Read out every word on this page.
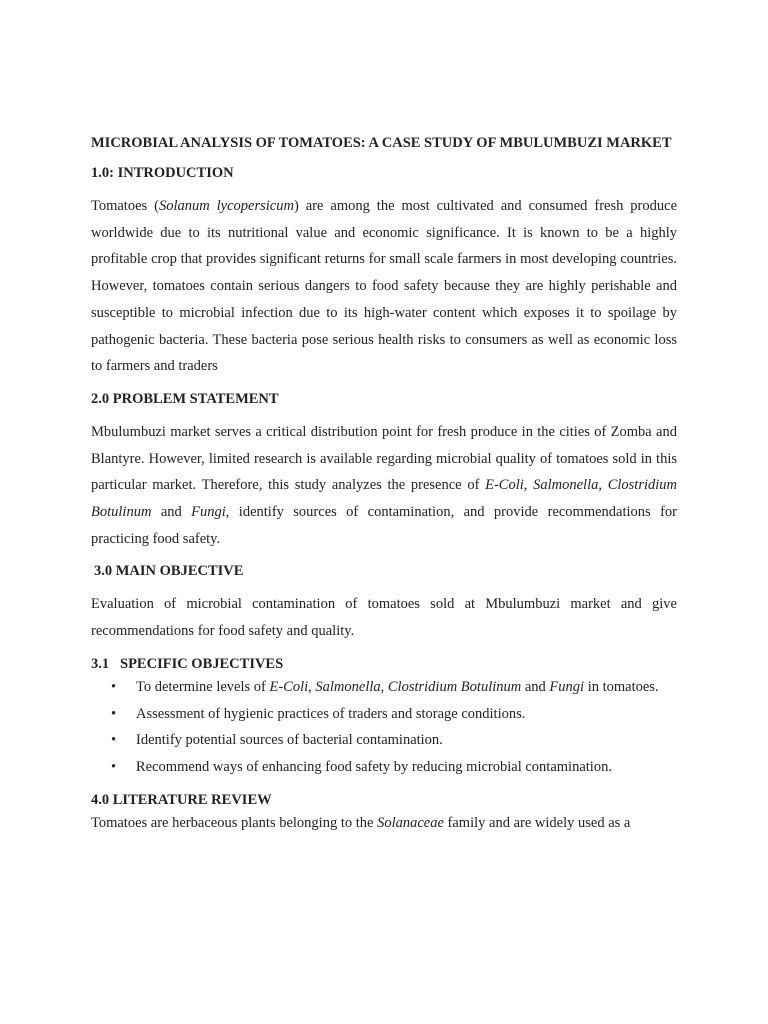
MICROBIAL ANALYSIS OF TOMATOES: A CASE STUDY OF MBULUMBUZI MARKET

1.0: INTRODUCTION

Tomatoes (Solanum lycopersicum) are among the most cultivated and consumed fresh produce worldwide due to its nutritional value and economic significance. It is known to be a highly profitable crop that provides significant returns for small scale farmers in most developing countries. However, tomatoes contain serious dangers to food safety because they are highly perishable and susceptible to microbial infection due to its high-water content which exposes it to spoilage by pathogenic bacteria. These bacteria pose serious health risks to consumers as well as economic loss to farmers and traders

2.0 PROBLEM STATEMENT

Mbulumbuzi market serves a critical distribution point for fresh produce in the cities of Zomba and Blantyre. However, limited research is available regarding microbial quality of tomatoes sold in this particular market. Therefore, this study analyzes the presence of E-Coli, Salmonella, Clostridium Botulinum and Fungi, identify sources of contamination, and provide recommendations for practicing food safety.

3.0 MAIN OBJECTIVE

Evaluation of microbial contamination of tomatoes sold at Mbulumbuzi market and give recommendations for food safety and quality.

3.1   SPECIFIC OBJECTIVES

• To determine levels of E-Coli, Salmonella, Clostridium Botulinum and Fungi in tomatoes.
• Assessment of hygienic practices of traders and storage conditions.
• Identify potential sources of bacterial contamination.
• Recommend ways of enhancing food safety by reducing microbial contamination.

4.0 LITERATURE REVIEW

Tomatoes are herbaceous plants belonging to the Solanaceae family and are widely used as a
